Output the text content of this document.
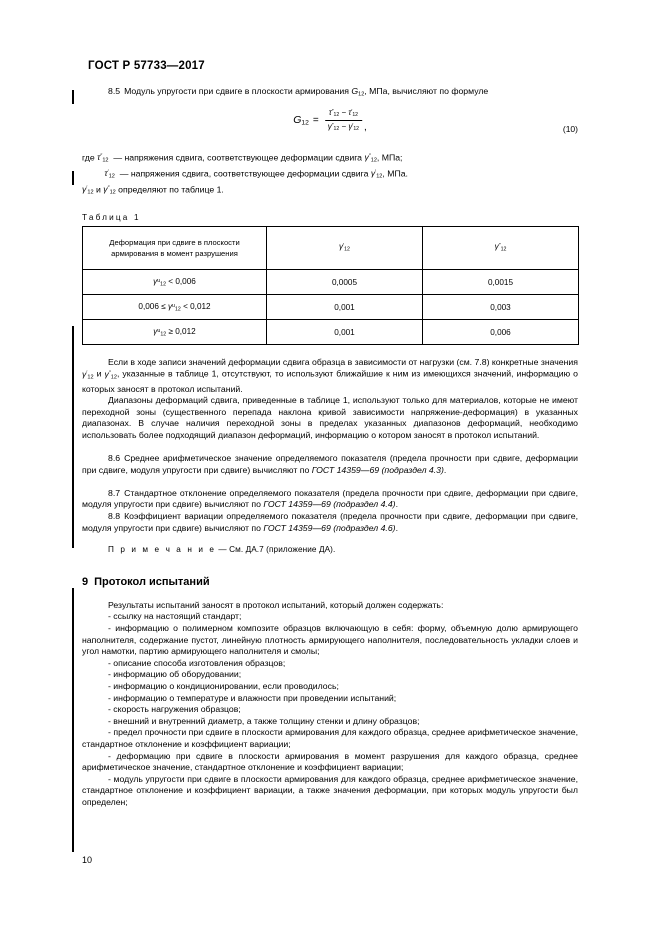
ГОСТ Р 57733—2017

8.5 Модуль упругости при сдвиге в плоскости армирования $G_{12}$, МПа, вычисляют по формуле

$G_{12} = \frac{\tau''_{12} - \tau'_{12}}{\gamma''_{12} - \gamma'_{12}}$ ,	(10)
где $\tau''_{12}$  — напряжения сдвига, соответствующее деформации сдвига $\gamma''_{12}$, МПа;
$\tau'_{12}$  — напряжения сдвига, соответствующее деформации сдвига $\gamma'_{12}$, МПа.
$\gamma'_{12}$ и $\gamma''_{12}$ определяют по таблице 1.
Таблица 1
Деформация при сдвиге в плоскости
армирования в момент разрушения	$\gamma'_{12}$	$\gamma''_{12}$
$\gamma^u_{12} < 0,006$	0,0005	0,0015
$0,006 \le \gamma^u_{12} < 0,012$	0,001	0,003
$\gamma^u_{12} \ge 0,012$	0,001	0,006

Если в ходе записи значений деформации сдвига образца в зависимости от нагрузки (см. 7.8) конкретные значения $\gamma'_{12}$ и $\gamma''_{12}$, указанные в таблице 1, отсутствуют, то используют ближайшие к ним из имеющихся значений, информацию о которых заносят в протокол испытаний.

Диапазоны деформаций сдвига, приведенные в таблице 1, используют только для материалов, которые не имеют переходной зоны (существенного перепада наклона кривой зависимости напряжение-деформация) в указанных диапазонах. В случае наличия переходной зоны в пределах указанных диапазонов деформаций, необходимо использовать более подходящий диапазон деформаций, информацию о котором заносят в протокол испытаний.

8.6 Среднее арифметическое значение определяемого показателя (предела прочности при сдвиге, деформации при сдвиге, модуля упругости при сдвиге) вычисляют по ГОСТ 14359—69 (подраздел 4.3).

8.7 Стандартное отклонение определяемого показателя (предела прочности при сдвиге, деформации при сдвиге, модуля упругости при сдвиге) вычисляют по ГОСТ 14359—69 (подраздел 4.4).

8.8 Коэффициент вариации определяемого показателя (предела прочности при сдвиге, деформации при сдвиге, модуля упругости при сдвиге) вычисляют по ГОСТ 14359—69 (подраздел 4.6).

П р и м е ч а н и е — См. ДА.7 (приложение ДА).
9 Протокол испытаний

Результаты испытаний заносят в протокол испытаний, который должен содержать:

- ссылку на настоящий стандарт;

- информацию о полимерном композите образцов включающую в себя: форму, объемную долю армирующего наполнителя, содержание пустот, линейную плотность армирующего наполнителя, последовательность укладки слоев и угол намотки, партию армирующего наполнителя и смолы;

- описание способа изготовления образцов;

- информацию об оборудовании;

- информацию о кондиционировании, если проводилось;

- информацию о температуре и влажности при проведении испытаний;

- скорость нагружения образцов;

- внешний и внутренний диаметр, а также толщину стенки и длину образцов;

- предел прочности при сдвиге в плоскости армирования для каждого образца, среднее арифметическое значение, стандартное отклонение и коэффициент вариации;

- деформацию при сдвиге в плоскости армирования в момент разрушения для каждого образца, среднее арифметическое значение, стандартное отклонение и коэффициент вариации;

- модуль упругости при сдвиге в плоскости армирования для каждого образца, среднее арифметическое значение, стандартное отклонение и коэффициент вариации, а также значения деформации, при которых модуль упругости был определен;

10
